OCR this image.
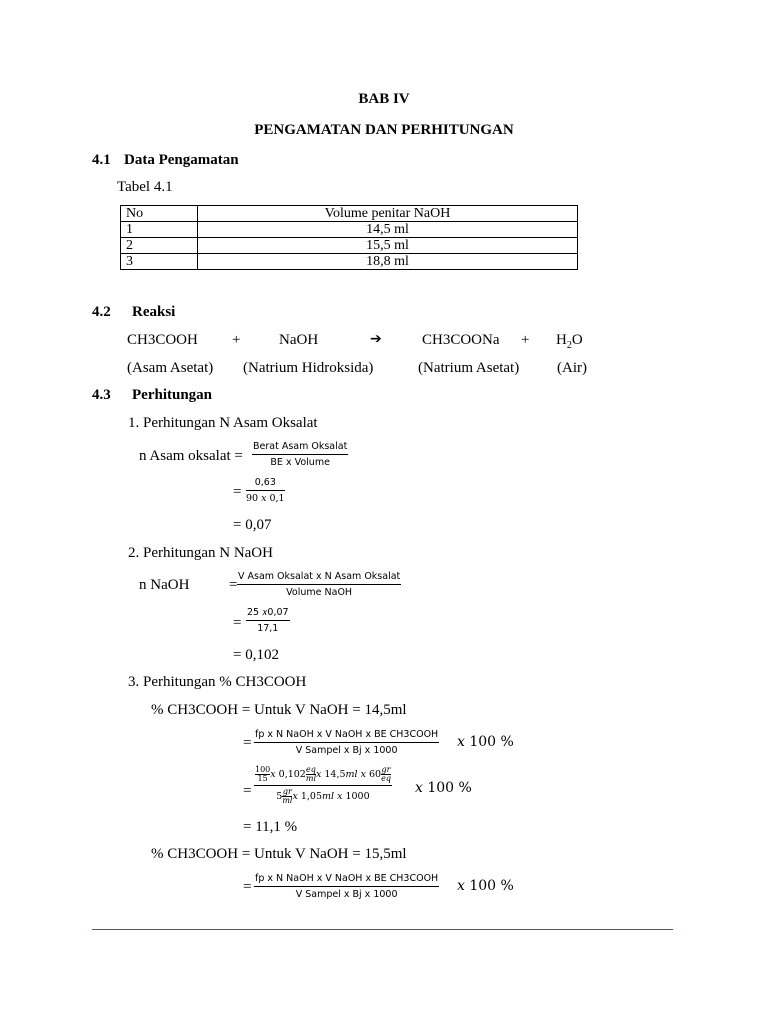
BAB IV
PENGAMATAN DAN PERHITUNGAN
4.1 Data Pengamatan
Tabel 4.1
No	Volume penitar NaOH
1	14,5 ml
2	15,5 ml
3	18,8 ml
4.2 Reaksi
CH3COOH +	NaOH	➔	CH3COONa + $H_2O$
(Asam Asetat) (Natrium Hidroksida)	(Natrium Asetat)	(Air)
4.3 Perhitungan
1. Perhitungan N Asam Oksalat
n Asam oksalat =
Berat Asam Oksalat
BE x Volume
=
0,63
90 𝑥 0,1
= 0,07
2. Perhitungan N NaOH
n NaOH	=
V Asam Oksalat x N Asam Oksalat
Volume NaOH
=
25 𝑥0,07
17,1
= 0,102
3. Perhitungan % CH3COOH
% CH3COOH = Untuk V NaOH = 14,5ml
=
fp x N NaOH x V NaOH x BE CH3COOH
V Sampel x Bj x 1000
𝑥 100 %
=
100
15 𝑥 0,102 𝑒𝑞
𝑚𝑙 𝑥 14,5𝑚𝑙 𝑥 60 𝑔𝑟
𝑒𝑞
5 𝑔𝑟
𝑚𝑙 𝑥 1,05𝑚𝑙 𝑥 1000
𝑥 100 %
= 11,1 %
% CH3COOH = Untuk V NaOH = 15,5ml
=
fp x N NaOH x V NaOH x BE CH3COOH
V Sampel x Bj x 1000
𝑥 100 %
